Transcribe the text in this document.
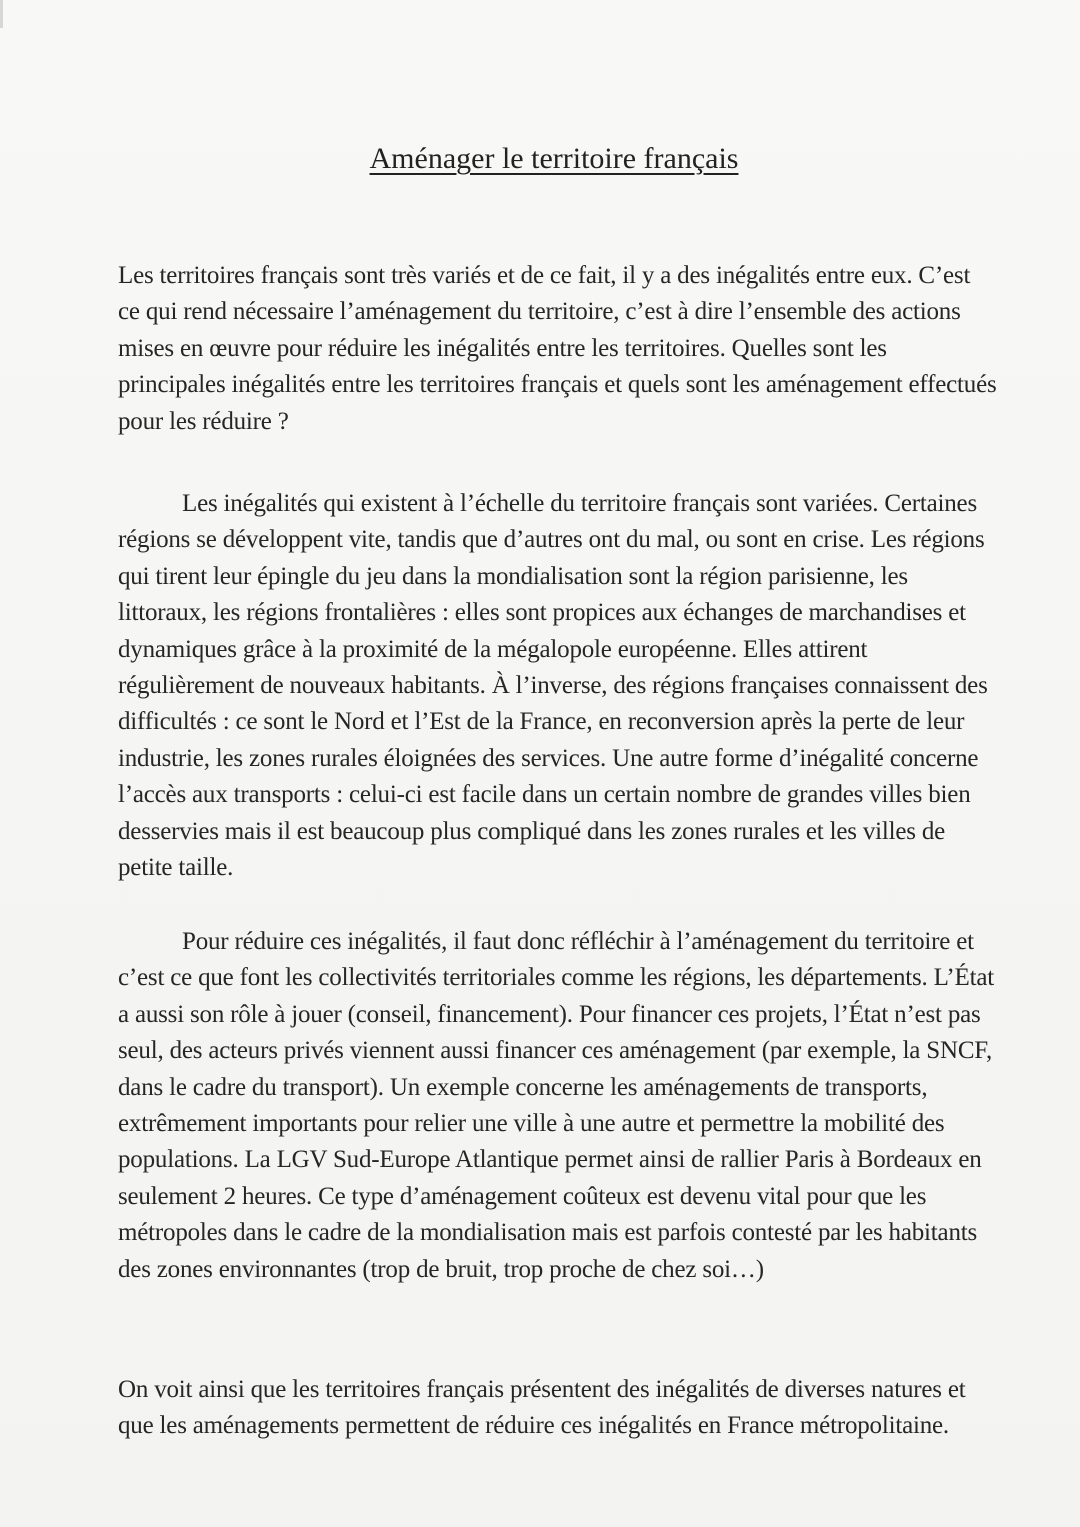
Aménager le territoire français

Les territoires français sont très variés et de ce fait, il y a des inégalités entre eux. C’est ce qui rend nécessaire l’aménagement du territoire, c’est à dire l’ensemble des actions mises en œuvre pour réduire les inégalités entre les territoires. Quelles sont les principales inégalités entre les territoires français et quels sont les aménagement effectués pour les réduire ?

Les inégalités qui existent à l’échelle du territoire français sont variées. Certaines régions se développent vite, tandis que d’autres ont du mal, ou sont en crise. Les régions qui tirent leur épingle du jeu dans la mondialisation sont la région parisienne, les littoraux, les régions frontalières : elles sont propices aux échanges de marchandises et dynamiques grâce à la proximité de la mégalopole européenne. Elles attirent régulièrement de nouveaux habitants. À l’inverse, des régions françaises connaissent des difficultés : ce sont le Nord et l’Est de la France, en reconversion après la perte de leur industrie, les zones rurales éloignées des services. Une autre forme d’inégalité concerne l’accès aux transports : celui-ci est facile dans un certain nombre de grandes villes bien desservies mais il est beaucoup plus compliqué dans les zones rurales et les villes de petite taille.

Pour réduire ces inégalités, il faut donc réfléchir à l’aménagement du territoire et c’est ce que font les collectivités territoriales comme les régions, les départements. L’État a aussi son rôle à jouer (conseil, financement). Pour financer ces projets, l’État n’est pas seul, des acteurs privés viennent aussi financer ces aménagement (par exemple, la SNCF, dans le cadre du transport). Un exemple concerne les aménagements de transports, extrêmement importants pour relier une ville à une autre et permettre la mobilité des populations. La LGV Sud-Europe Atlantique permet ainsi de rallier Paris à Bordeaux en seulement 2 heures. Ce type d’aménagement coûteux est devenu vital pour que les métropoles dans le cadre de la mondialisation mais est parfois contesté par les habitants des zones environnantes (trop de bruit, trop proche de chez soi…)

On voit ainsi que les territoires français présentent des inégalités de diverses natures et que les aménagements permettent de réduire ces inégalités en France métropolitaine.
